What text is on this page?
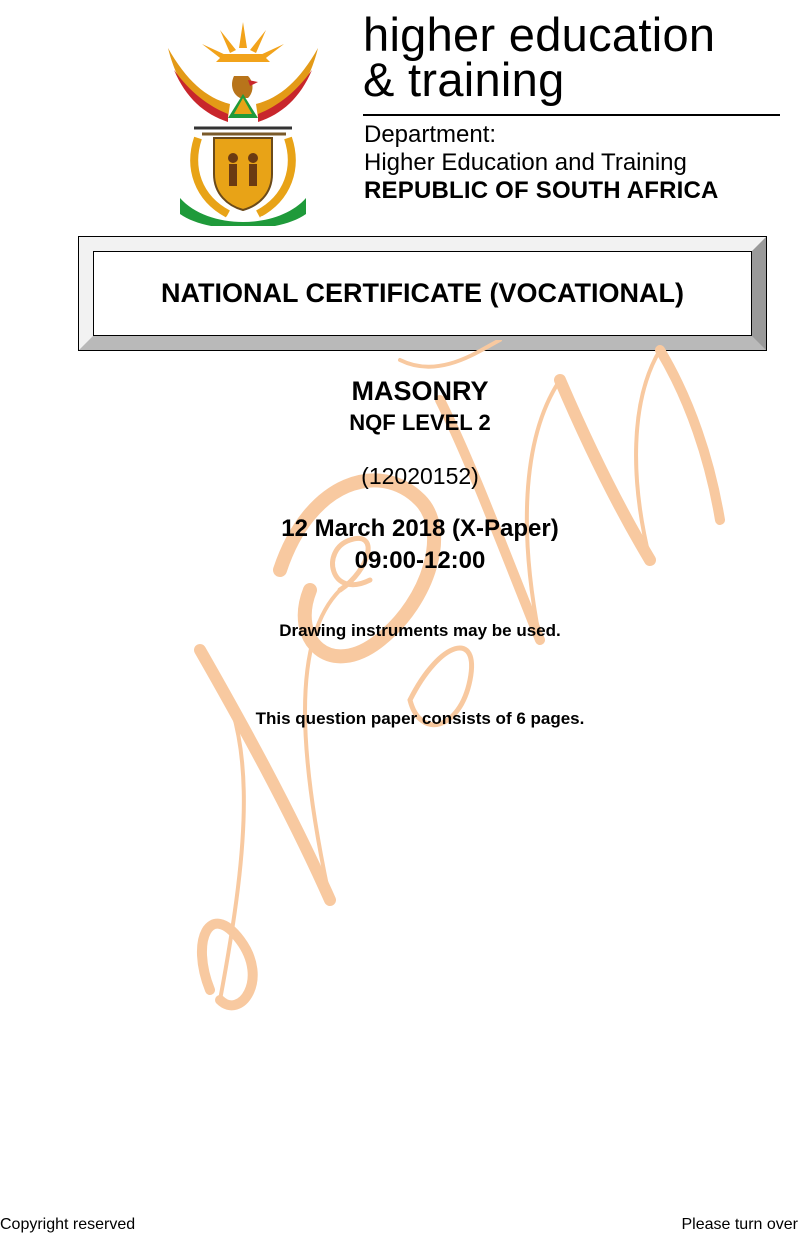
higher education
& training
Department:
Higher Education and Training
REPUBLIC OF SOUTH AFRICA
NATIONAL CERTIFICATE (VOCATIONAL)
MASONRY
NQF LEVEL 2
(12020152)
12 March 2018 (X-Paper)
09:00-12:00
Drawing instruments may be used.
This question paper consists of 6 pages.
Copyright reserved	Please turn over
